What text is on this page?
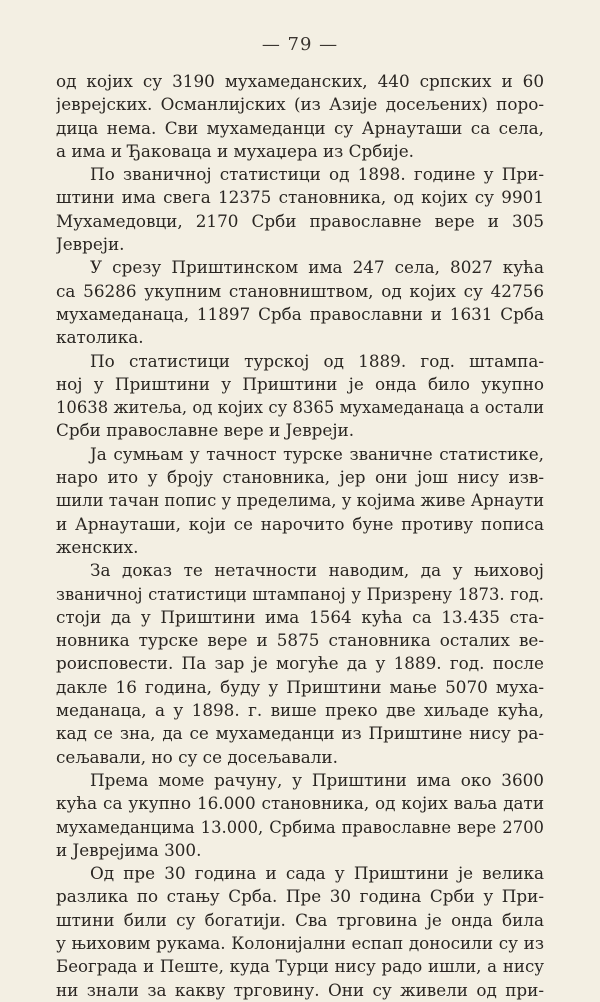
— 79 —
од којих су 3190 мухамеданских, 440 српских и 60
јеврејских. Османлијских (из Азије досељених) поро-
дица нема. Сви мухамеданци су Арнауташи са села,
а има и Ђаковаца и мухаџера из Србије.
По званичној статистици од 1898. године у При-
штини има свега 12375 становника, од којих су 9901
Мухамедовци, 2170 Срби православне вере и 305
Јевреји.
У срезу Приштинском има 247 села, 8027 кућа
са 56286 укупним становништвом, од којих су 42756
мухамеданаца, 11897 Срба православни и 1631 Срба
католика.
По статистици турској од 1889. год. штампа-
ној у Приштини у Приштини је онда било укупно
10638 житеља, од којих су 8365 мухамеданаца а остали
Срби православне вере и Јевреји.
Ја сумњам у тачност турске званичне статистике,
наро ито у броју становника, јер они још нису изв-
шили тачан попис у пределима, у којима живе Арнаути
и Арнауташи, који се нарочито буне противу пописа
женских.
За доказ те нетачности наводим, да у њиховој
званичној статистици штампаној у Призрену 1873. год.
стоји да у Приштини има 1564 кућа са 13.435 ста-
новника турске вере и 5875 становника осталих ве-
роисповести. Па зар је могуће да у 1889. год. после
дакле 16 година, буду у Приштини мање 5070 муха-
меданаца, а у 1898. г. више преко две хиљаде кућа,
кад се зна, да се мухамеданци из Приштине нису ра-
сељавали, но су се досељавали.
Према моме рачуну, у Приштини има око 3600
кућа са укупно 16.000 становника, од којих ваља дати
мухамеданцима 13.000, Србима православне вере 2700
и Јеврејима 300.
Од пре 30 година и сада у Приштини је велика
разлика по стању Срба. Пре 30 година Срби у При-
штини били су богатији. Сва трговина је онда била
у њиховим рукама. Колонијални еспап доносили су из
Београда и Пеште, куда Турци нису радо ишли, а нису
ни знали за какву трговину. Они су живели од при-
